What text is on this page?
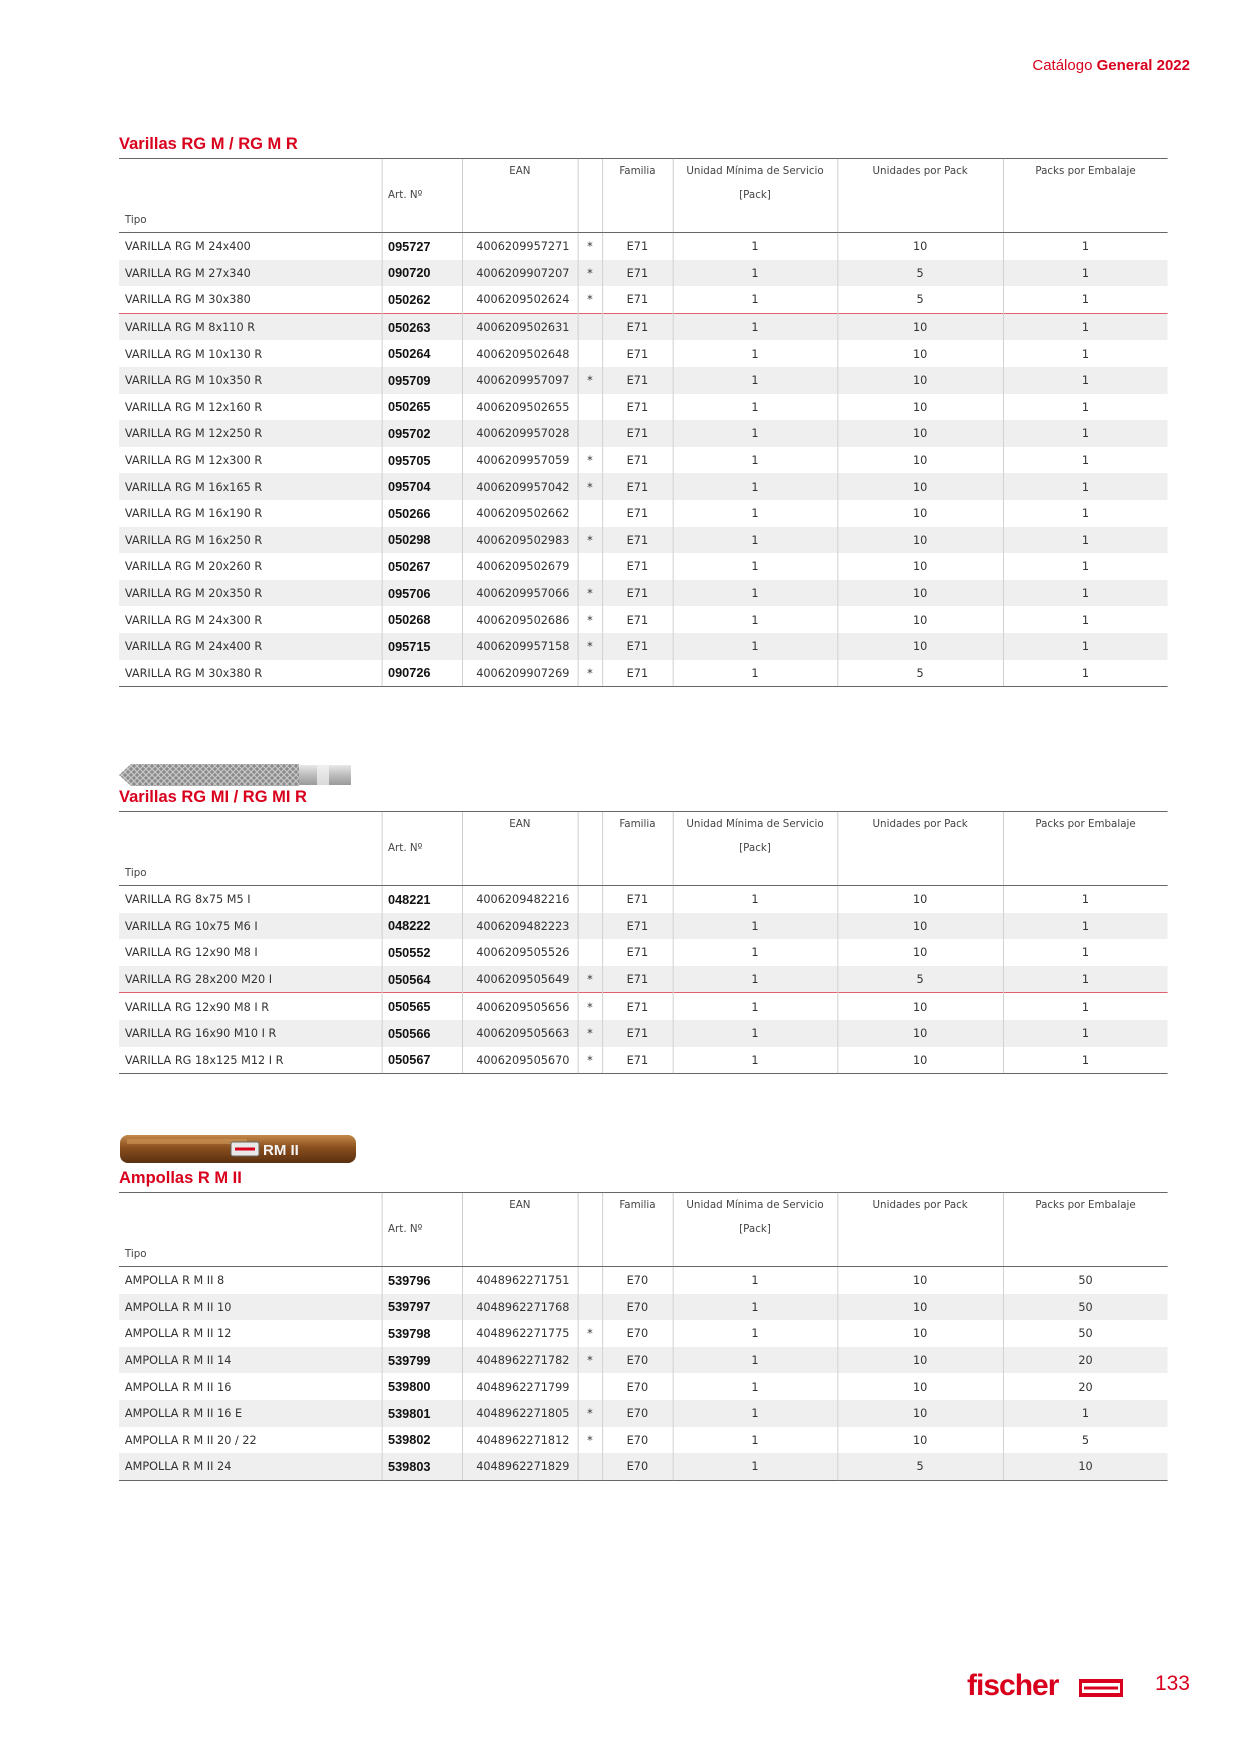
Catálogo General 2022
Varillas RG M / RG M R
		EAN		Familia	Unidad Mínima de Servicio	Unidades por Pack	Packs por Embalaje
	Art. Nº				[Pack]		
Tipo							
VARILLA RG M 24x400	095727	4006209957271	*	E71	1	10	1
VARILLA RG M 27x340	090720	4006209907207	*	E71	1	5	1
VARILLA RG M 30x380	050262	4006209502624	*	E71	1	5	1
VARILLA RG M 8x110 R	050263	4006209502631		E71	1	10	1
VARILLA RG M 10x130 R	050264	4006209502648		E71	1	10	1
VARILLA RG M 10x350 R	095709	4006209957097	*	E71	1	10	1
VARILLA RG M 12x160 R	050265	4006209502655		E71	1	10	1
VARILLA RG M 12x250 R	095702	4006209957028		E71	1	10	1
VARILLA RG M 12x300 R	095705	4006209957059	*	E71	1	10	1
VARILLA RG M 16x165 R	095704	4006209957042	*	E71	1	10	1
VARILLA RG M 16x190 R	050266	4006209502662		E71	1	10	1
VARILLA RG M 16x250 R	050298	4006209502983	*	E71	1	10	1
VARILLA RG M 20x260 R	050267	4006209502679		E71	1	10	1
VARILLA RG M 20x350 R	095706	4006209957066	*	E71	1	10	1
VARILLA RG M 24x300 R	050268	4006209502686	*	E71	1	10	1
VARILLA RG M 24x400 R	095715	4006209957158	*	E71	1	10	1
VARILLA RG M 30x380 R	090726	4006209907269	*	E71	1	5	1
Varillas RG MI / RG MI R
		EAN		Familia	Unidad Mínima de Servicio	Unidades por Pack	Packs por Embalaje
	Art. Nº				[Pack]		
Tipo							
VARILLA RG 8x75 M5 I	048221	4006209482216		E71	1	10	1
VARILLA RG 10x75 M6 I	048222	4006209482223		E71	1	10	1
VARILLA RG 12x90 M8 I	050552	4006209505526		E71	1	10	1
VARILLA RG 28x200 M20 I	050564	4006209505649	*	E71	1	5	1
VARILLA RG 12x90 M8 I R	050565	4006209505656	*	E71	1	10	1
VARILLA RG 16x90 M10 I R	050566	4006209505663	*	E71	1	10	1
VARILLA RG 18x125 M12 I R	050567	4006209505670	*	E71	1	10	1
RM II
Ampollas R M II
		EAN		Familia	Unidad Mínima de Servicio	Unidades por Pack	Packs por Embalaje
	Art. Nº				[Pack]		
Tipo							
AMPOLLA R M II 8	539796	4048962271751		E70	1	10	50
AMPOLLA R M II 10	539797	4048962271768		E70	1	10	50
AMPOLLA R M II 12	539798	4048962271775	*	E70	1	10	50
AMPOLLA R M II 14	539799	4048962271782	*	E70	1	10	20
AMPOLLA R M II 16	539800	4048962271799		E70	1	10	20
AMPOLLA R M II 16 E	539801	4048962271805	*	E70	1	10	1
AMPOLLA R M II 20 / 22	539802	4048962271812	*	E70	1	10	5
AMPOLLA R M II 24	539803	4048962271829		E70	1	5	10
fischer	133
